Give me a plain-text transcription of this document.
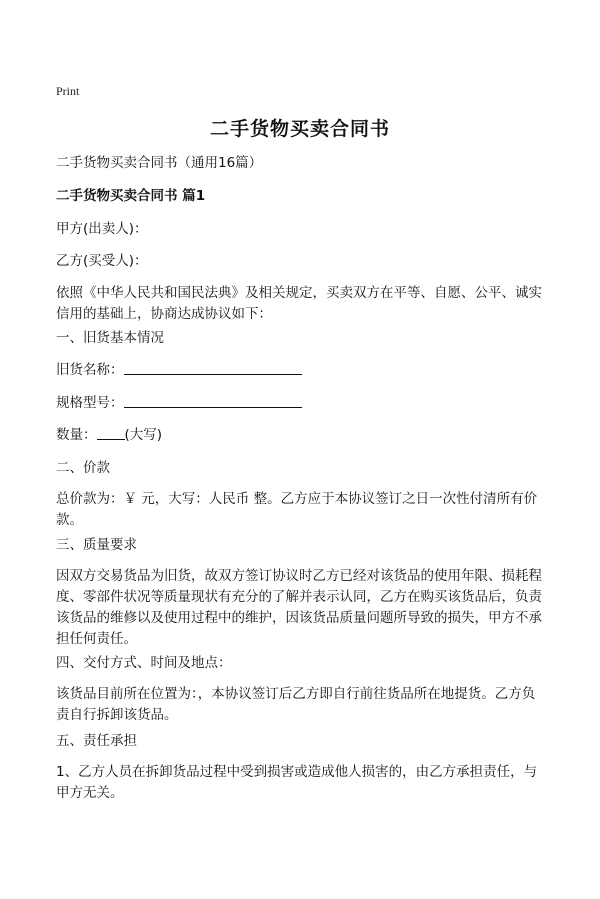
Print
二手货物买卖合同书
二手货物买卖合同书（通用16篇）
二手货物买卖合同书 篇1
甲方(出卖人)：
乙方(买受人)：
依照《中华人民共和国民法典》及相关规定，买卖双方在平等、自愿、公平、诚实信用的基础上，协商达成协议如下：
一、旧货基本情况
旧货名称：
规格型号：
数量： (大写)
二、价款
总价款为：￥ 元，大写：人民币 整。乙方应于本协议签订之日一次性付清所有价款。
三、质量要求
因双方交易货品为旧货，故双方签订协议时乙方已经对该货品的使用年限、损耗程度、零部件状况等质量现状有充分的了解并表示认同，乙方在购买该货品后，负责该货品的维修以及使用过程中的维护，因该货品质量问题所导致的损失，甲方不承担任何责任。
四、交付方式、时间及地点：
该货品目前所在位置为：，本协议签订后乙方即自行前往货品所在地提货。乙方负责自行拆卸该货品。
五、责任承担
1、乙方人员在拆卸货品过程中受到损害或造成他人损害的，由乙方承担责任，与甲方无关。
